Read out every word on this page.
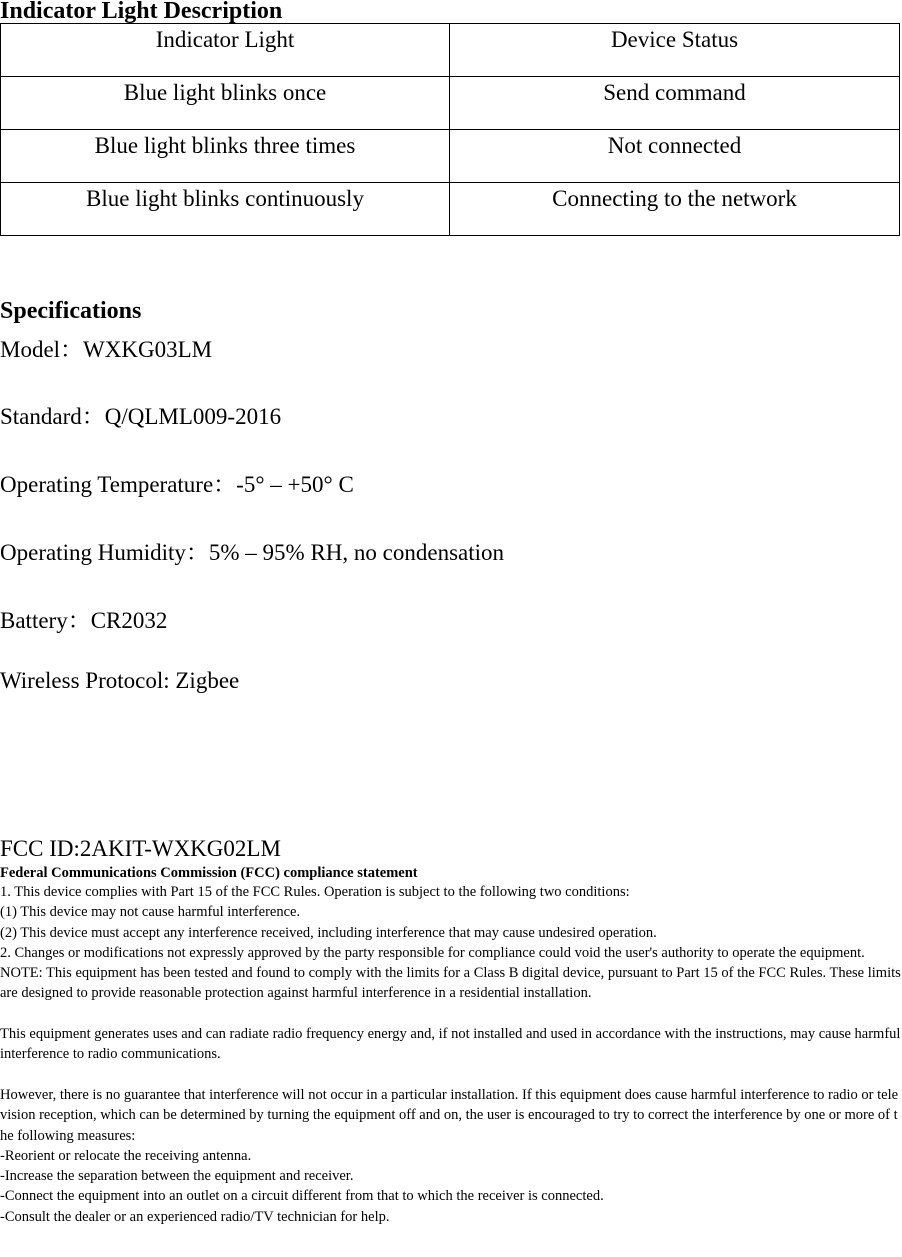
Indicator Light Description
Indicator Light	Device Status
Blue light blinks once	Send command
Blue light blinks three times	Not connected
Blue light blinks continuously	Connecting to the network
Specifications
Model：WXKG03LM
Standard：Q/QLML009-2016
Operating Temperature：-5° – +50° C
Operating Humidity：5% – 95% RH, no condensation
Battery：CR2032
Wireless Protocol: Zigbee
FCC ID:2AKIT-WXKG02LM
Federal Communications Commission (FCC) compliance statement

1. This device complies with Part 15 of the FCC Rules. Operation is subject to the following two conditions:

(1) This device may not cause harmful interference.

(2) This device must accept any interference received, including interference that may cause undesired operation.

2. Changes or modifications not expressly approved by the party responsible for compliance could void the user's authority to operate the equipment.

NOTE: This equipment has been tested and found to comply with the limits for a Class B digital device, pursuant to Part 15 of the FCC Rules. These limits are designed to provide reasonable protection against harmful interference in a residential installation.

This equipment generates uses and can radiate radio frequency energy and, if not installed and used in accordance with the instructions, may cause harmful interference to radio communications.

However, there is no guarantee that interference will not occur in a particular installation. If this equipment does cause harmful interference to radio or television reception, which can be determined by turning the equipment off and on, the user is encouraged to try to correct the interference by one or more of the following measures:

-Reorient or relocate the receiving antenna.

-Increase the separation between the equipment and receiver.

-Connect the equipment into an outlet on a circuit different from that to which the receiver is connected.

-Consult the dealer or an experienced radio/TV technician for help.
